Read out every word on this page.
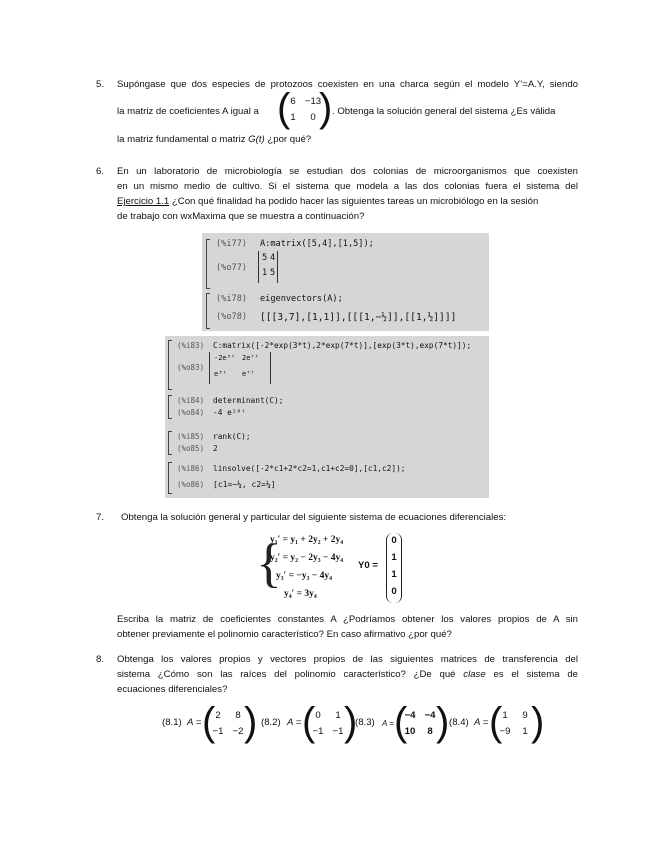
5. Supóngase que dos especies de protozoos coexisten en una charca según el modelo Y’=A.Y, siendo
la matriz de coeficientes A igual a ( 6 −13
1	0 ) . Obtenga la solución general del sistema ¿Es válida
la matriz fundamental o matriz G(t) ¿por qué?
6. En un laboratorio de microbiología se estudian dos colonias de microorganismos que coexisten
en un mismo medio de cultivo. Si el sistema que modela a las dos colonias fuera el sistema del
Ejercicio 1.1 ¿Con qué finalidad ha podido hacer las siguientes tareas un microbiólogo en la sesión
de trabajo con wxMaxima que se muestra a continuación?
(%i77) A:matrix([5,4],[1,5]);
(%o77)
5 4
1 5
(%i78) eigenvectors(A);
(%o78) [[[3,7],[1,1]],[[[1,−½]],[[1,½]]]]
(%i83) C:matrix([-2*exp(3*t),2*exp(7*t)],[exp(3*t),exp(7*t)]);
(%o83)
-2e³ᵗ 2e⁷ᵗ
e³ᵗ e⁷ᵗ
(%i84) determinant(C);
(%o84) -4 e¹⁰ᵗ
(%i85) rank(C);
(%o85) 2
(%i86) linsolve([-2*c1+2*c2=1,c1+c2=0],[c1,c2]);
(%o86) [c1=−¼, c2=¼]
7. Obtenga la solución general y particular del siguiente sistema de ecuaciones diferenciales:
{
y₁′ = y₁ + 2y₂ + 2y₄
y₂′ = y₂ − 2y₃ − 4y₄
y₃′ = −y₃ − 4y₄
y₄′ = 3y₄
Y0 =
0
1
1
0
Escriba la matriz de coeficientes constantes A ¿Podríamos obtener los valores propios de A sin
obtener previamente el polinomio característico? En caso afirmativo ¿por qué?
8. Obtenga los valores propios y vectores propios de las siguientes matrices de transferencia del
sistema ¿Cómo son las raíces del polinomio característico? ¿De qué clase es el sistema de
ecuaciones diferenciales?
(8.1) A = ( 2	8
−1 −2 ) (8.2) A = ( 0	1
−1 −1 )
(8.3) A = (
−4 −4
10	8 ) (8.4) A = ( 1	9
−9	1 )
